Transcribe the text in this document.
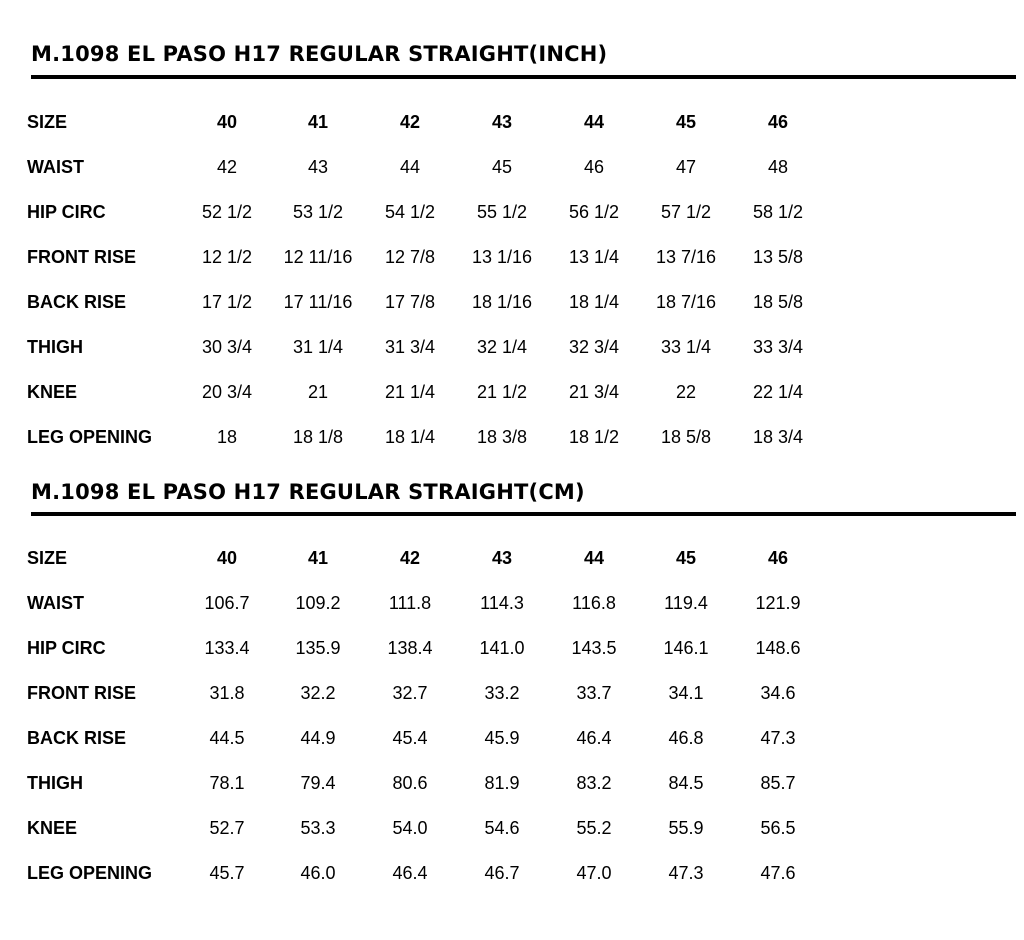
M.1098 EL PASO H17 REGULAR STRAIGHT(INCH)
SIZE	40	41	42	43	44	45	46
WAIST	42	43	44	45	46	47	48
HIP CIRC	52 1/2	53 1/2	54 1/2	55 1/2	56 1/2	57 1/2	58 1/2
FRONT RISE	12 1/2	12 11/16	12 7/8	13 1/16	13 1/4	13 7/16	13 5/8
BACK RISE	17 1/2	17 11/16	17 7/8	18 1/16	18 1/4	18 7/16	18 5/8
THIGH	30 3/4	31 1/4	31 3/4	32 1/4	32 3/4	33 1/4	33 3/4
KNEE	20 3/4	21	21 1/4	21 1/2	21 3/4	22	22 1/4
LEG OPENING	18	18 1/8	18 1/4	18 3/8	18 1/2	18 5/8	18 3/4
M.1098 EL PASO H17 REGULAR STRAIGHT(CM)
SIZE	40	41	42	43	44	45	46
WAIST	106.7	109.2	111.8	114.3	116.8	119.4	121.9
HIP CIRC	133.4	135.9	138.4	141.0	143.5	146.1	148.6
FRONT RISE	31.8	32.2	32.7	33.2	33.7	34.1	34.6
BACK RISE	44.5	44.9	45.4	45.9	46.4	46.8	47.3
THIGH	78.1	79.4	80.6	81.9	83.2	84.5	85.7
KNEE	52.7	53.3	54.0	54.6	55.2	55.9	56.5
LEG OPENING	45.7	46.0	46.4	46.7	47.0	47.3	47.6
